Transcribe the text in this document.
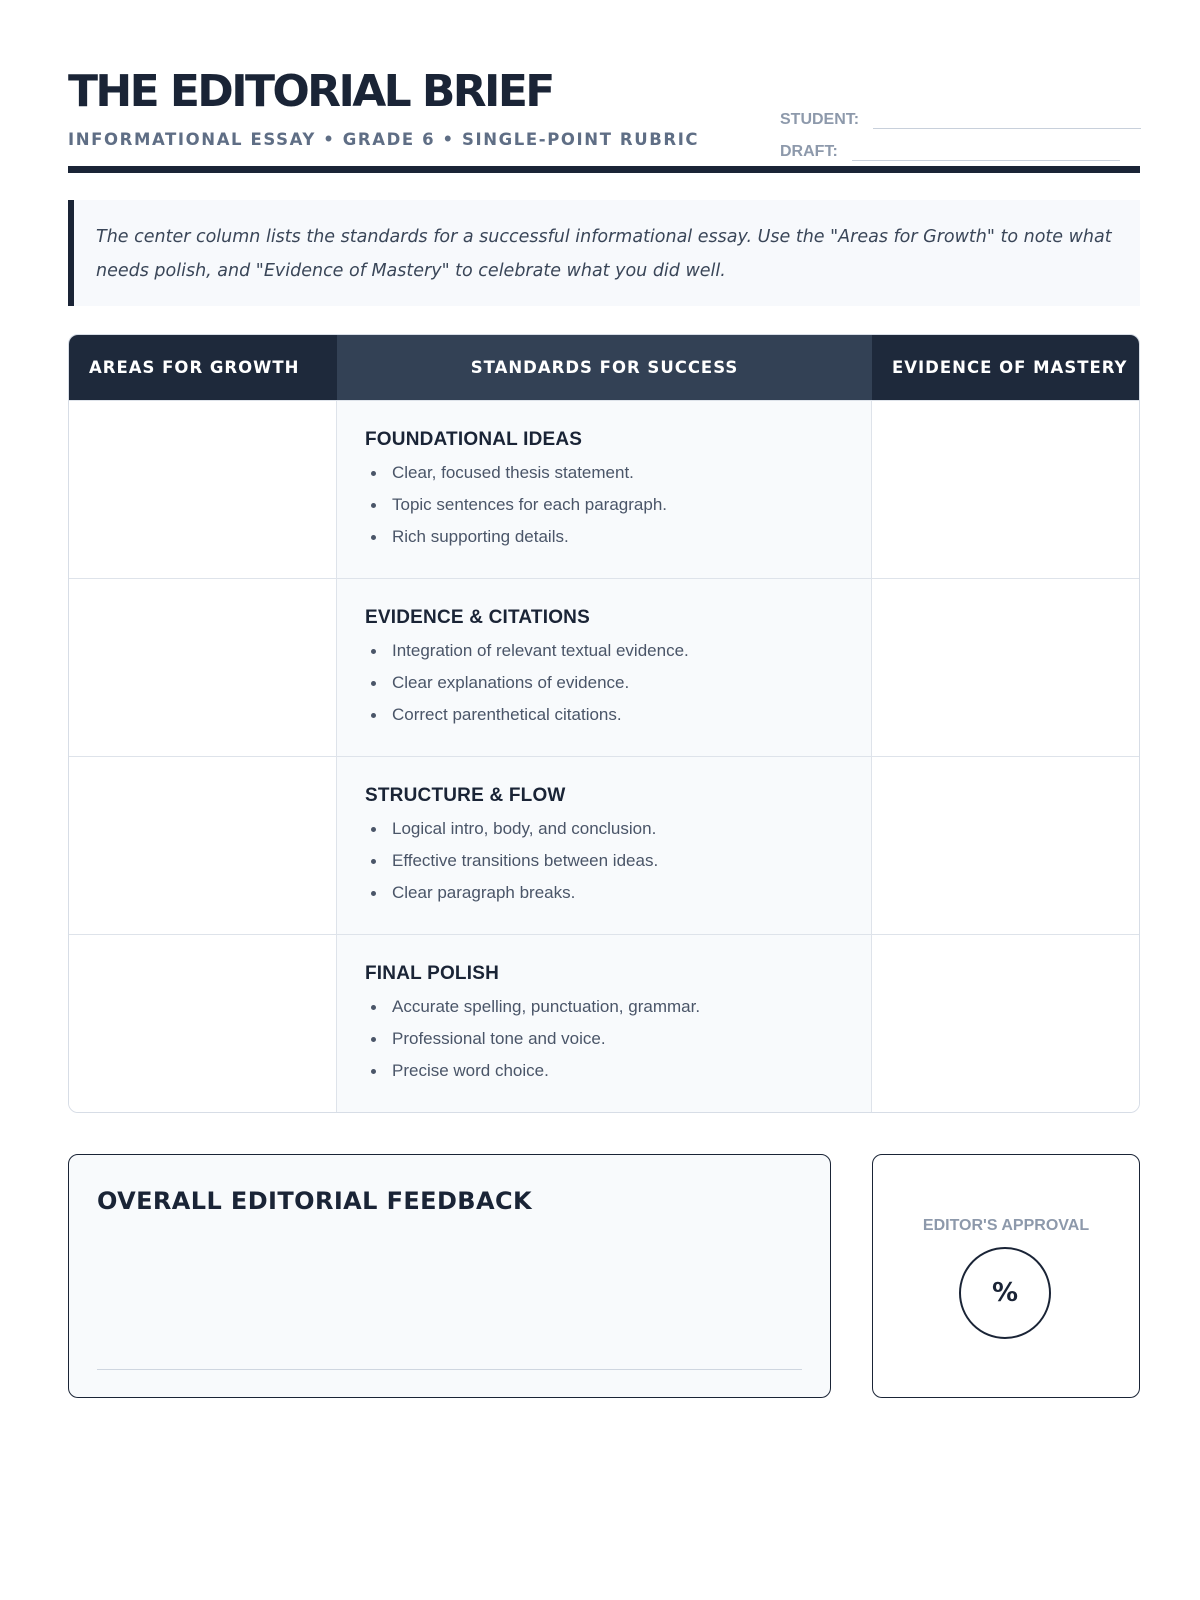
THE EDITORIAL BRIEF
INFORMATIONAL ESSAY • GRADE 6 • SINGLE-POINT RUBRIC
STUDENT:
DRAFT:

The center column lists the standards for a successful informational essay. Use the "Areas for Growth" to note what needs polish, and "Evidence of Mastery" to celebrate what you did well.

AREAS FOR GROWTH	STANDARDS FOR SUCCESS	EVIDENCE OF MASTERY
FOUNDATIONAL IDEAS
Clear, focused thesis statement.
Topic sentences for each paragraph.
Rich supporting details.
EVIDENCE & CITATIONS
Integration of relevant textual evidence.
Clear explanations of evidence.
Correct parenthetical citations.
STRUCTURE & FLOW
Logical intro, body, and conclusion.
Effective transitions between ideas.
Clear paragraph breaks.
FINAL POLISH
Accurate spelling, punctuation, grammar.
Professional tone and voice.
Precise word choice.
OVERALL EDITORIAL FEEDBACK
EDITOR'S APPROVAL
%
